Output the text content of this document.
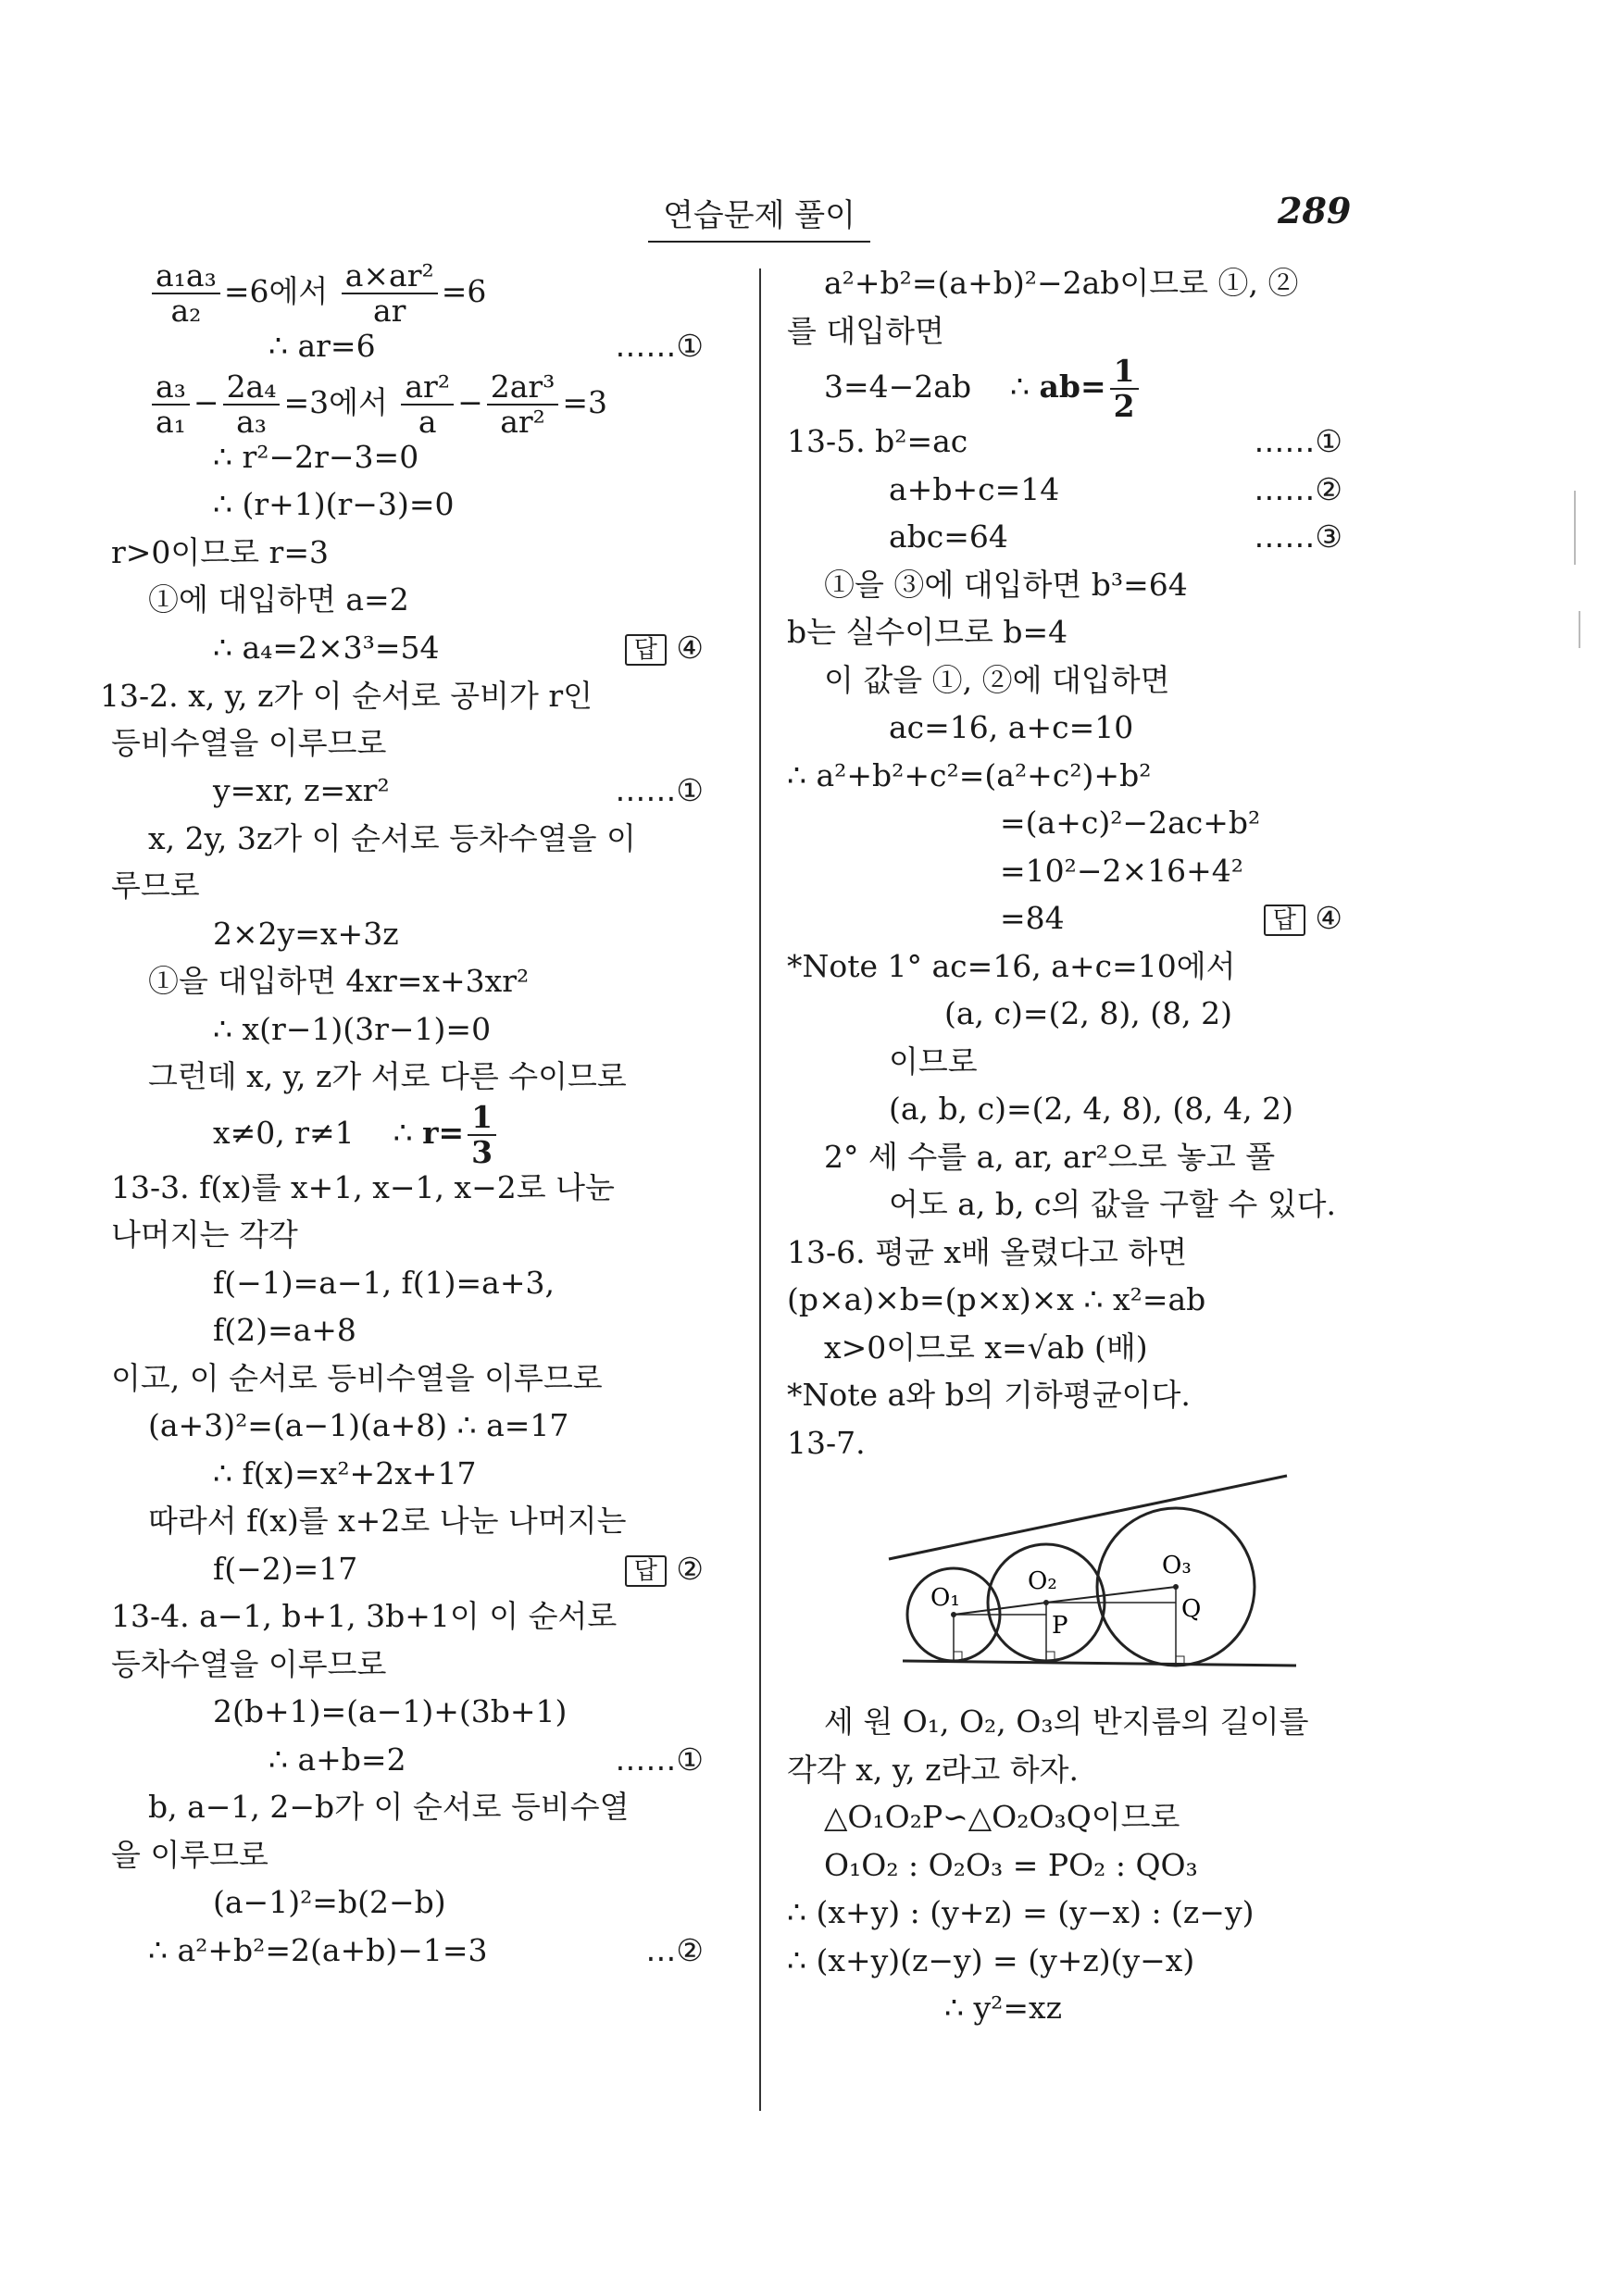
연습문제 풀이	289
$\frac{\text{a₁a₃}}{\text{a₂}} =6$에서 $\frac{\text{a×ar²}}{ar} =6$
∴ ar=6	……①
$\frac{\text{a₃}}{\text{a₁}} - \frac{\text{2a₄}}{\text{a₃}} =3$에서 $\frac{\text{ar²}}{a} - \frac{\text{2ar³}}{\text{ar²}} =3$
∴ r²−2r−3=0
∴ (r+1)(r−3)=0
r>0이므로 r=3
①에 대입하면 a=2
∴ a₄=2×3³=54	답 ④
13-2. x, y, z가 이 순서로 공비가 r인
등비수열을 이루므로
y=xr, z=xr²	……①
x, 2y, 3z가 이 순서로 등차수열을 이
루므로
2×2y=x+3z
①을 대입하면 4xr=x+3xr²
∴ x(r−1)(3r−1)=0
그런데 x, y, z가 서로 다른 수이므로
x≠0, r≠1    ∴ $r= \frac{1}{3}$
13-3. f(x)를 x+1, x−1, x−2로 나눈
나머지는 각각
f(−1)=a−1, f(1)=a+3,
f(2)=a+8
이고, 이 순서로 등비수열을 이루므로
(a+3)²=(a−1)(a+8) ∴ a=17
∴ f(x)=x²+2x+17
따라서 f(x)를 x+2로 나눈 나머지는
f(−2)=17	답 ②
13-4. a−1, b+1, 3b+1이 이 순서로
등차수열을 이루므로
2(b+1)=(a−1)+(3b+1)
∴ a+b=2	……①
b, a−1, 2−b가 이 순서로 등비수열
을 이루므로
(a−1)²=b(2−b)
∴ a²+b²=2(a+b)−1=3	…②
a²+b²=(a+b)²−2ab이므로 ①, ②
를 대입하면
3=4−2ab    ∴ $ab= \frac{1}{2}$
13-5. b²=ac	……①
a+b+c=14	……②
abc=64	……③
①을 ③에 대입하면 b³=64
b는 실수이므로 b=4
이 값을 ①, ②에 대입하면
ac=16, a+c=10
∴ a²+b²+c²=(a²+c²)+b²
=(a+c)²−2ac+b²
=10²−2×16+4²
=84	답 ④
*Note 1° ac=16, a+c=10에서
(a, c)=(2, 8), (8, 2)
이므로
(a, b, c)=(2, 4, 8), (8, 4, 2)
2° 세 수를 a, ar, ar²으로 놓고 풀
어도 a, b, c의 값을 구할 수 있다.
13-6. 평균 x배 올렸다고 하면
(p×a)×b=(p×x)×x ∴ x²=ab
x>0이므로 x=√ab (배)
*Note a와 b의 기하평균이다.
13-7.
O₁
O₂
O₃
P
Q
세 원 O₁, O₂, O₃의 반지름의 길이를
각각 x, y, z라고 하자.
△O₁O₂P∽△O₂O₃Q이므로
O₁O₂ : O₂O₃ = PO₂ : QO₃
∴ (x+y) : (y+z) = (y−x) : (z−y)
∴ (x+y)(z−y) = (y+z)(y−x)
∴ y²=xz
